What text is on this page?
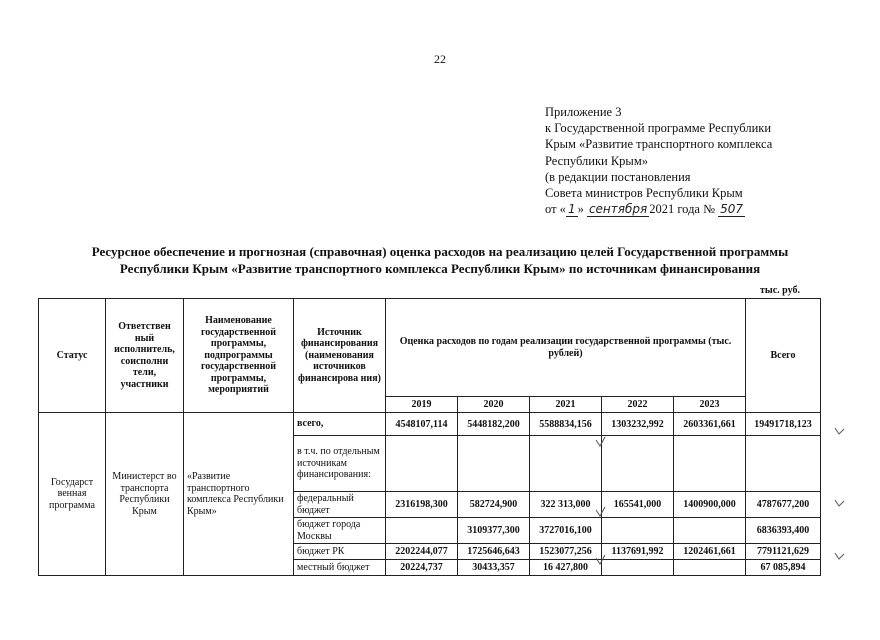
22
Приложение 3
к Государственной программе Республики
Крым «Развитие транспортного комплекса
Республики Крым»
(в редакции постановления
Совета министров Республики Крым
от « 1 » сентября 2021 года № 507
Ресурсное обеспечение и прогнозная (справочная) оценка расходов на реализацию целей Государственной программы
Республики Крым «Развитие транспортного комплекса Республики Крым» по источникам финансирования
тыс. руб.
Статус	Ответствен ный исполнитель, соисполни тели, участники	Наименование государственной программы, подпрограммы государственной программы, мероприятий	Источник финансирования (наименования источников финансирова ния)	Оценка расходов по годам реализации государственной программы (тыс. рублей)					Всего
				2019	2020	2021	2022	2023	
Государст венная программа	Министерст во транспорта Республики Крым	«Развитие транспортного комплекса Республики Крым»	всего,	4548107,114	5448182,200	5588834,156	1303232,992	2603361,661	19491718,123
			в т.ч. по отдельным источникам финансирования:						
			федеральный бюджет	2316198,300	582724,900	322 313,000	165541,000	1400900,000	4787677,200
			бюджет города Москвы		3109377,300	3727016,100			6836393,400
			бюджет РК	2202244,077	1725646,643	1523077,256	1137691,992	1202461,661	7791121,629
			местный бюджет	20224,737	30433,357	16 427,800			67 085,894
